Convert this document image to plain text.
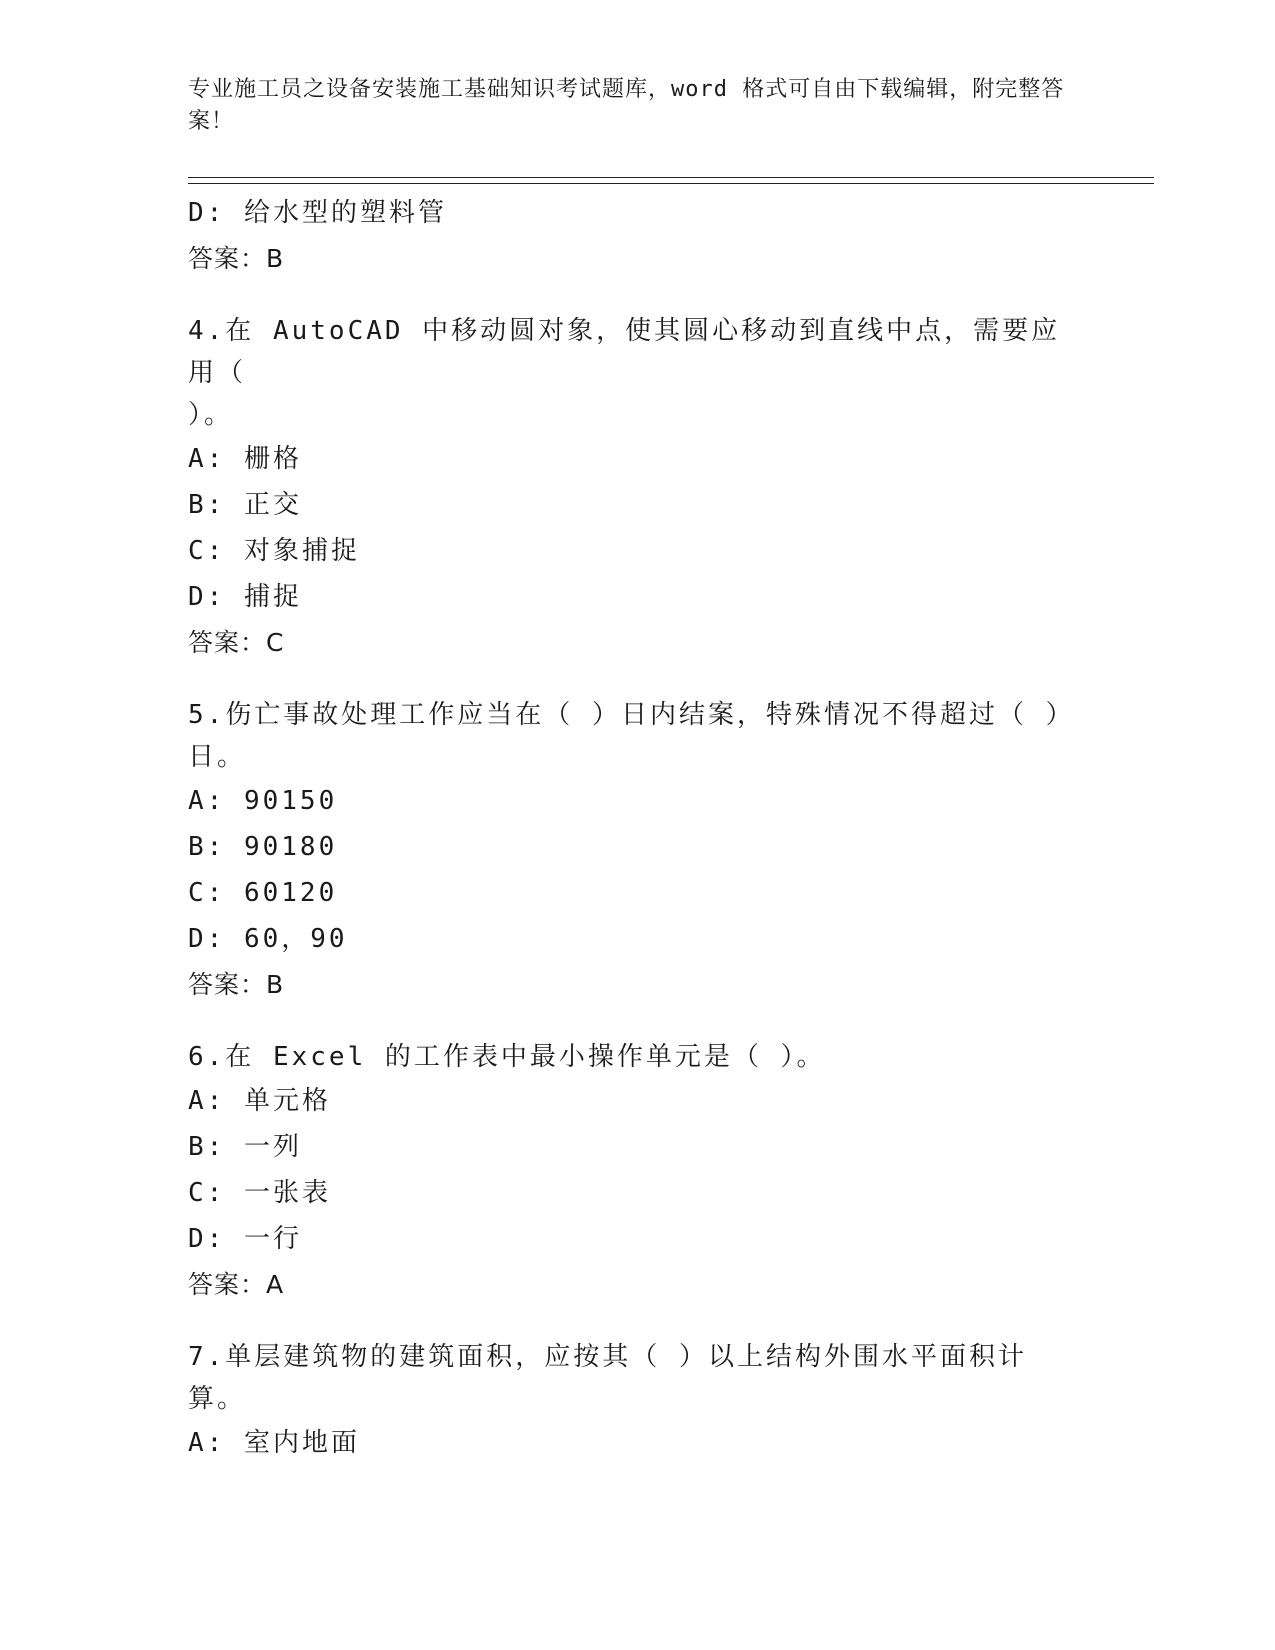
专业施工员之设备安装施工基础知识考试题库，word 格式可自由下载编辑，附完整答案！
D: 给水型的塑料管
答案：B
4.在 AutoCAD 中移动圆对象，使其圆心移动到直线中点，需要应用（
）。
A: 栅格
B: 正交
C: 对象捕捉
D: 捕捉
答案：C
5.伤亡事故处理工作应当在（ ）日内结案，特殊情况不得超过（ ）
日。
A: 90150
B: 90180
C: 60120
D: 60，90
答案：B
6.在 Excel 的工作表中最小操作单元是（ ）。
A: 单元格
B: 一列
C: 一张表
D: 一行
答案：A
7.单层建筑物的建筑面积，应按其（ ）以上结构外围水平面积计算。
A: 室内地面
